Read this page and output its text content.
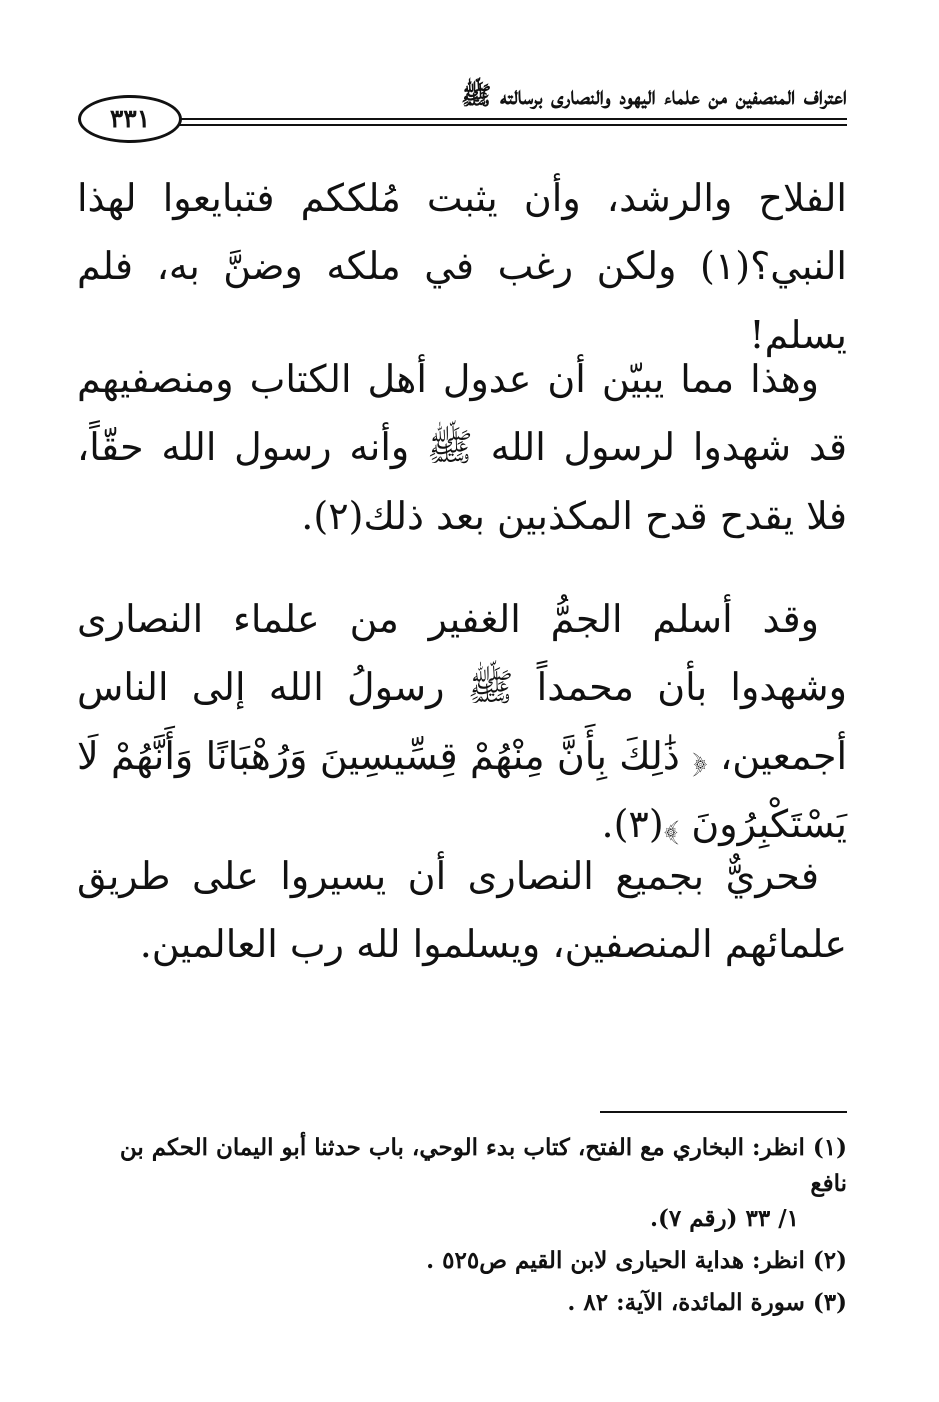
اعتراف المنصفين من علماء اليهود والنصارى برسالته ﷺ
٣٣١
الفلاح والرشد، وأن يثبت مُلككم فتبايعوا لهذا النبي؟(١) ولكن رغب في ملكه وضنَّ به، فلم يسلم!
وهذا مما يبيّن أن عدول أهل الكتاب ومنصفيهم قد شهدوا لرسول الله ﷺ وأنه رسول الله حقّاً، فلا يقدح قدح المكذبين بعد ذلك(٢).
وقد أسلم الجمُّ الغفير من علماء النصارى وشهدوا بأن محمداً ﷺ رسولُ الله إلى الناس أجمعين، ﴿ ذَٰلِكَ بِأَنَّ مِنْهُمْ قِسِّيسِينَ وَرُهْبَانًا وَأَنَّهُمْ لَا يَسْتَكْبِرُونَ ﴾(٣).
فحريٌّ بجميع النصارى أن يسيروا على طريق علمائهم المنصفين، ويسلموا لله رب العالمين.
(١) انظر: البخاري مع الفتح، كتاب بدء الوحي، باب حدثنا أبو اليمان الحكم بن نافع
١/ ٣٣ (رقم ٧).
(٢) انظر: هداية الحيارى لابن القيم ص٥٢٥ .
(٣) سورة المائدة، الآية: ٨٢ .
